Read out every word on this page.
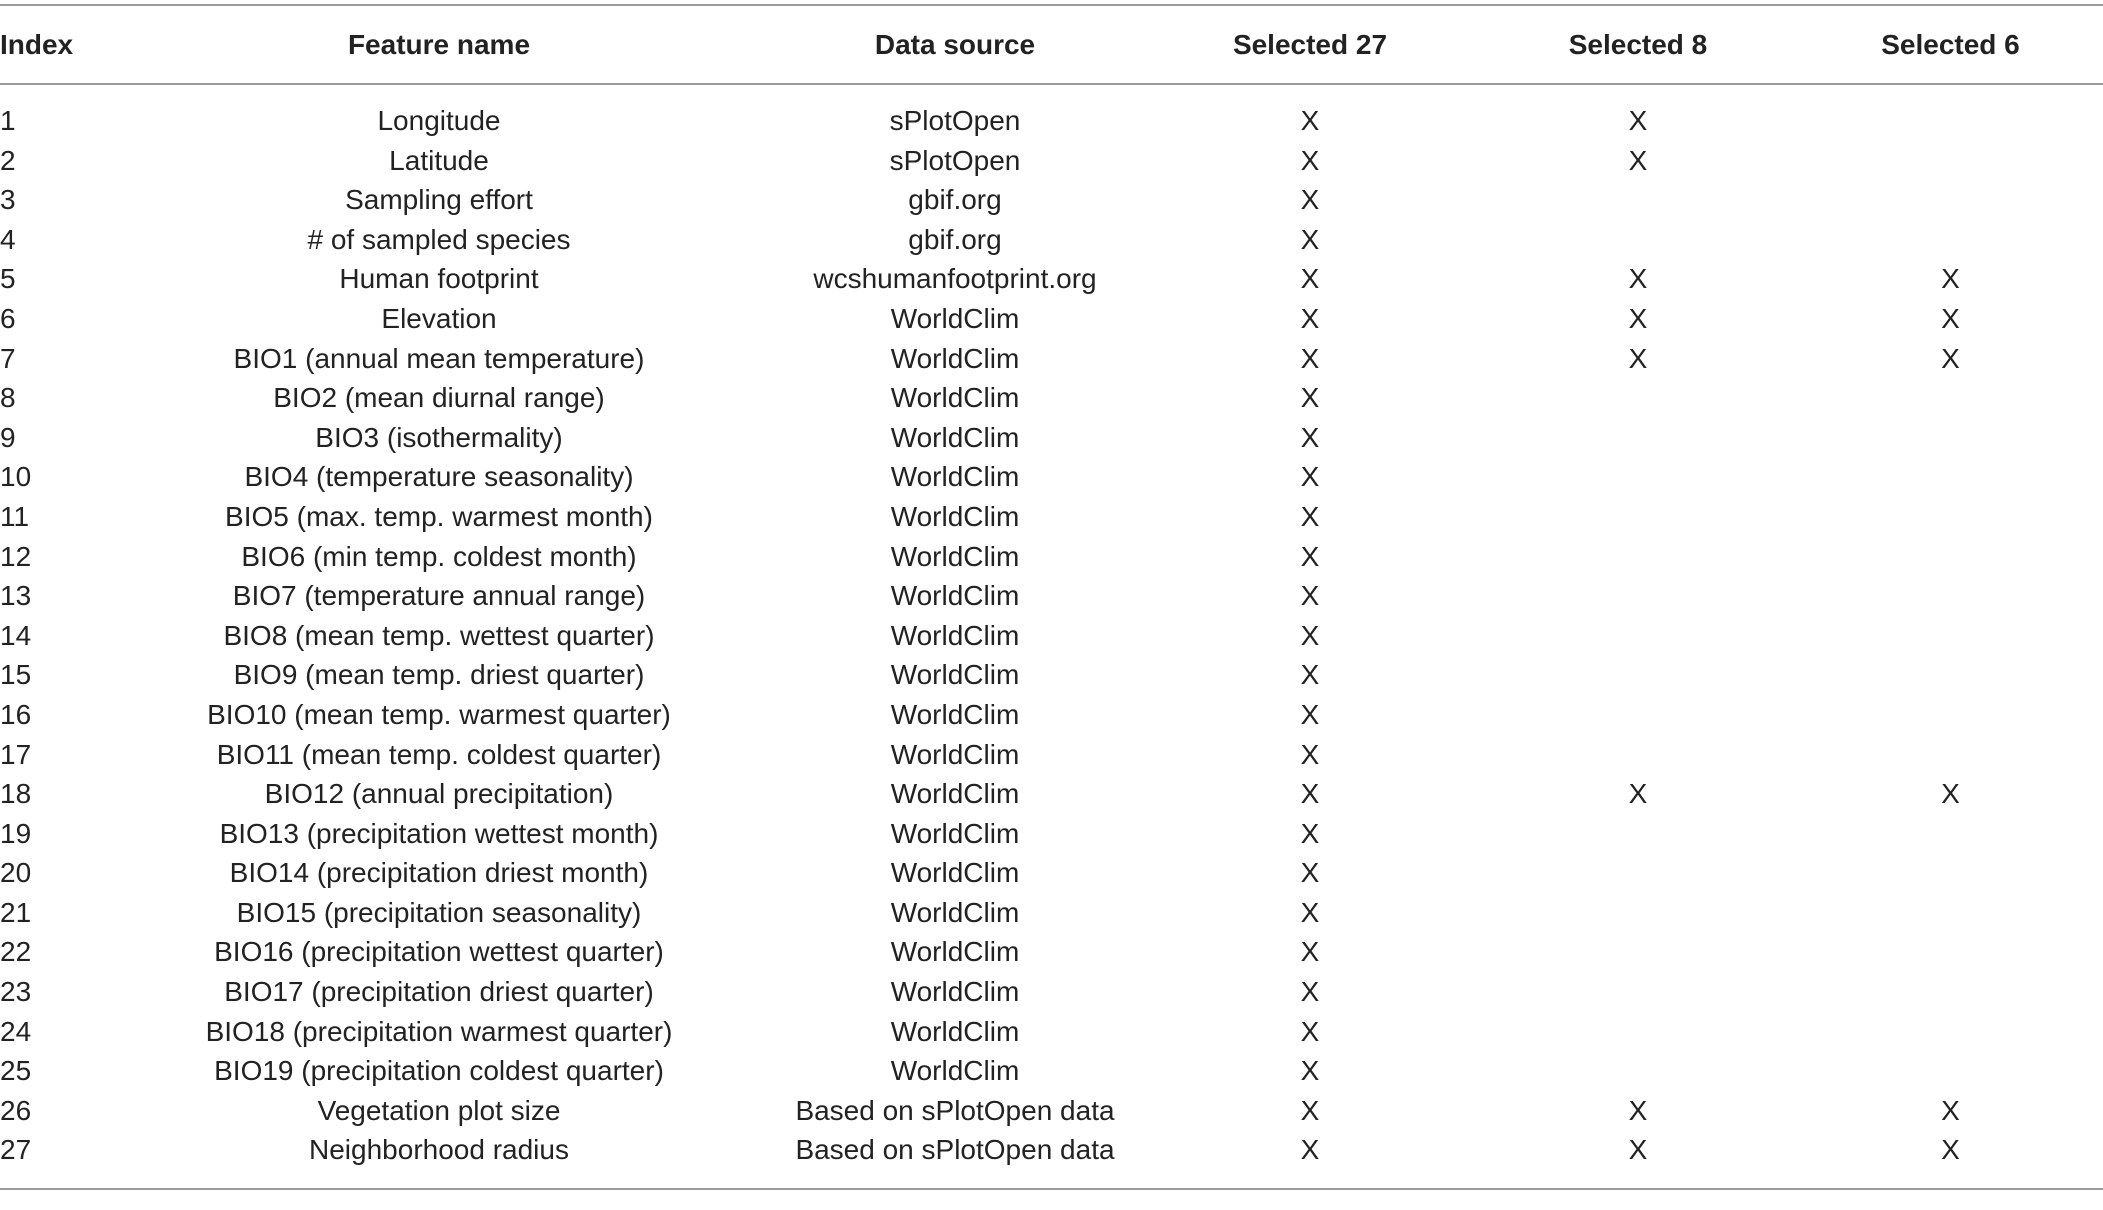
Index	Feature name	Data source	Selected 27	Selected 8	Selected 6
1	Longitude	sPlotOpen	X	X	
2	Latitude	sPlotOpen	X	X	
3	Sampling effort	gbif.org	X		
4	# of sampled species	gbif.org	X		
5	Human footprint	wcshumanfootprint.org	X	X	X
6	Elevation	WorldClim	X	X	X
7	BIO1 (annual mean temperature)	WorldClim	X	X	X
8	BIO2 (mean diurnal range)	WorldClim	X		
9	BIO3 (isothermality)	WorldClim	X		
10	BIO4 (temperature seasonality)	WorldClim	X		
11	BIO5 (max. temp. warmest month)	WorldClim	X		
12	BIO6 (min temp. coldest month)	WorldClim	X		
13	BIO7 (temperature annual range)	WorldClim	X		
14	BIO8 (mean temp. wettest quarter)	WorldClim	X		
15	BIO9 (mean temp. driest quarter)	WorldClim	X		
16	BIO10 (mean temp. warmest quarter)	WorldClim	X		
17	BIO11 (mean temp. coldest quarter)	WorldClim	X		
18	BIO12 (annual precipitation)	WorldClim	X	X	X
19	BIO13 (precipitation wettest month)	WorldClim	X		
20	BIO14 (precipitation driest month)	WorldClim	X		
21	BIO15 (precipitation seasonality)	WorldClim	X		
22	BIO16 (precipitation wettest quarter)	WorldClim	X		
23	BIO17 (precipitation driest quarter)	WorldClim	X		
24	BIO18 (precipitation warmest quarter)	WorldClim	X		
25	BIO19 (precipitation coldest quarter)	WorldClim	X		
26	Vegetation plot size	Based on sPlotOpen data	X	X	X
27	Neighborhood radius	Based on sPlotOpen data	X	X	X
